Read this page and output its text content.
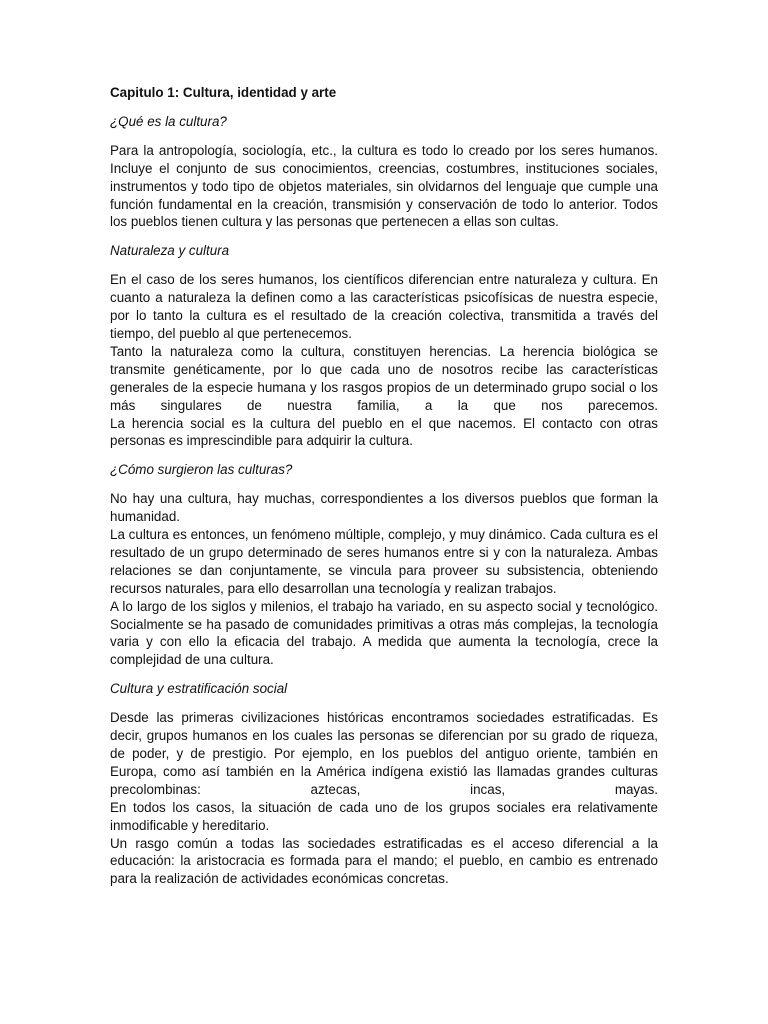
Capitulo 1: Cultura, identidad y arte
¿Qué es la cultura?

Para la antropología, sociología, etc., la cultura es todo lo creado por los seres humanos. Incluye el conjunto de sus conocimientos, creencias, costumbres, instituciones sociales, instrumentos y todo tipo de objetos materiales, sin olvidarnos del lenguaje que cumple una función fundamental en la creación, transmisión y conservación de todo lo anterior. Todos los pueblos tienen cultura y las personas que pertenecen a ellas son cultas.

Naturaleza y cultura

En el caso de los seres humanos, los científicos diferencian entre naturaleza y cultura. En cuanto a naturaleza la definen como a las características psicofísicas de nuestra especie, por lo tanto la cultura es el resultado de la creación colectiva, transmitida a través del tiempo, del pueblo al que pertenecemos.

Tanto la naturaleza como la cultura, constituyen herencias. La herencia biológica se transmite genéticamente, por lo que cada uno de nosotros recibe las características generales de la especie humana y los rasgos propios de un determinado grupo social o los más singulares de nuestra familia, a la que nos parecemos.

La herencia social es la cultura del pueblo en el que nacemos. El contacto con otras personas es imprescindible para adquirir la cultura.

¿Cómo surgieron las culturas?

No hay una cultura, hay muchas, correspondientes a los diversos pueblos que forman la humanidad.

La cultura es entonces, un fenómeno múltiple, complejo, y muy dinámico. Cada cultura es el resultado de un grupo determinado de seres humanos entre si y con la naturaleza. Ambas relaciones se dan conjuntamente, se vincula para proveer su subsistencia, obteniendo recursos naturales, para ello desarrollan una tecnología y realizan trabajos.

A lo largo de los siglos y milenios, el trabajo ha variado, en su aspecto social y tecnológico. Socialmente se ha pasado de comunidades primitivas a otras más complejas, la tecnología varia y con ello la eficacia del trabajo. A medida que aumenta la tecnología, crece la complejidad de una cultura.

Cultura y estratificación social

Desde las primeras civilizaciones históricas encontramos sociedades estratificadas. Es decir, grupos humanos en los cuales las personas se diferencian por su grado de riqueza, de poder, y de prestigio. Por ejemplo, en los pueblos del antiguo oriente, también en Europa, como así también en la América indígena existió las llamadas grandes culturas precolombinas: aztecas, incas, mayas.

En todos los casos, la situación de cada uno de los grupos sociales era relativamente inmodificable y hereditario.

Un rasgo común a todas las sociedades estratificadas es el acceso diferencial a la educación: la aristocracia es formada para el mando; el pueblo, en cambio es entrenado para la realización de actividades económicas concretas.
